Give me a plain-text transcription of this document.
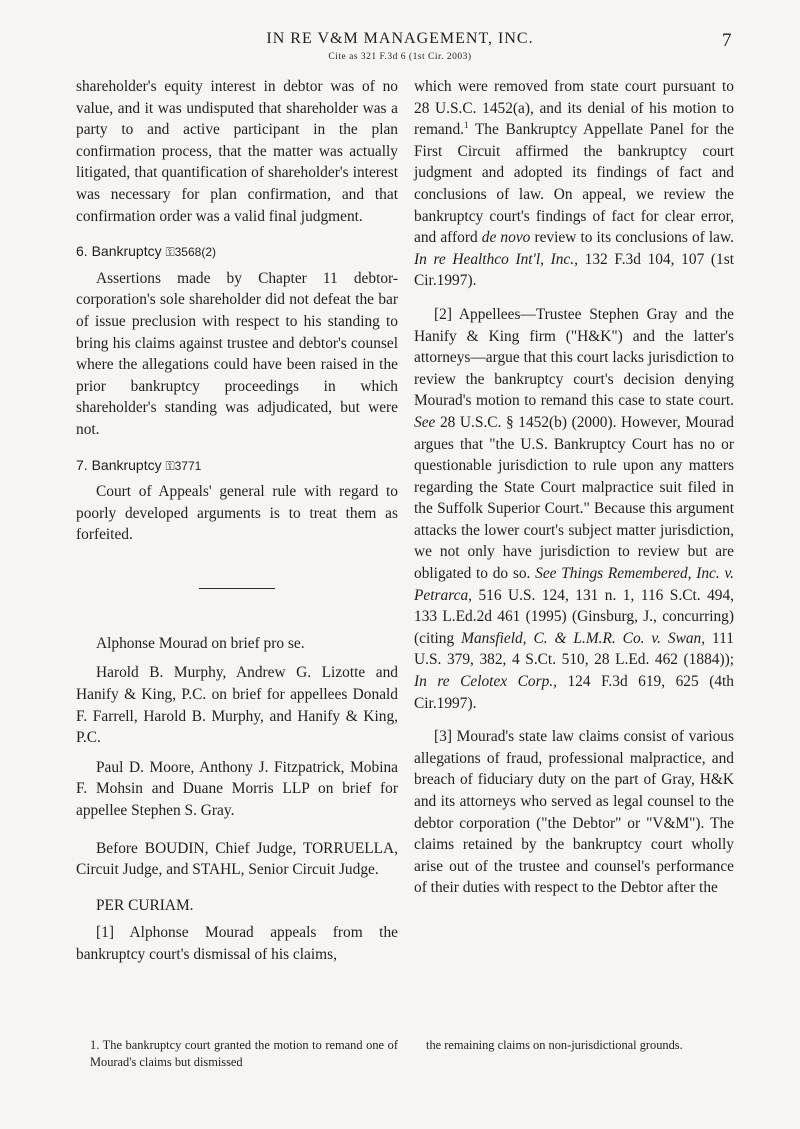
IN RE V&M MANAGEMENT, INC.
Cite as 321 F.3d 6 (1st Cir. 2003)
7

shareholder's equity interest in debtor was of no value, and it was undisputed that shareholder was a party to and active participant in the plan confirmation process, that the matter was actually litigated, that quantification of shareholder's interest was necessary for plan confirmation, and that confirmation order was a valid final judgment.

6. Bankruptcy ⚿3568(2)

Assertions made by Chapter 11 debtor-corporation's sole shareholder did not defeat the bar of issue preclusion with respect to his standing to bring his claims against trustee and debtor's counsel where the allegations could have been raised in the prior bankruptcy proceedings in which shareholder's standing was adjudicated, but were not.

7. Bankruptcy ⚿3771

Court of Appeals' general rule with regard to poorly developed arguments is to treat them as forfeited.

Alphonse Mourad on brief pro se.

Harold B. Murphy, Andrew G. Lizotte and Hanify & King, P.C. on brief for appellees Donald F. Farrell, Harold B. Murphy, and Hanify & King, P.C.

Paul D. Moore, Anthony J. Fitzpatrick, Mobina F. Mohsin and Duane Morris LLP on brief for appellee Stephen S. Gray.

Before BOUDIN, Chief Judge, TORRUELLA, Circuit Judge, and STAHL, Senior Circuit Judge.

PER CURIAM.

[1] Alphonse Mourad appeals from the bankruptcy court's dismissal of his claims,

which were removed from state court pursuant to 28 U.S.C. 1452(a), and its denial of his motion to remand.$^1$ The Bankruptcy Appellate Panel for the First Circuit affirmed the bankruptcy court judgment and adopted its findings of fact and conclusions of law. On appeal, we review the bankruptcy court's findings of fact for clear error, and afford de novo review to its conclusions of law. In re Healthco Int'l, Inc., 132 F.3d 104, 107 (1st Cir.1997).

[2] Appellees—Trustee Stephen Gray and the Hanify & King firm ("H&K") and the latter's attorneys—argue that this court lacks jurisdiction to review the bankruptcy court's decision denying Mourad's motion to remand this case to state court. See 28 U.S.C. § 1452(b) (2000). However, Mourad argues that "the U.S. Bankruptcy Court has no or questionable jurisdiction to rule upon any matters regarding the State Court malpractice suit filed in the Suffolk Superior Court." Because this argument attacks the lower court's subject matter jurisdiction, we not only have jurisdiction to review but are obligated to do so. See Things Remembered, Inc. v. Petrarca, 516 U.S. 124, 131 n. 1, 116 S.Ct. 494, 133 L.Ed.2d 461 (1995) (Ginsburg, J., concurring)(citing Mansfield, C. & L.M.R. Co. v. Swan, 111 U.S. 379, 382, 4 S.Ct. 510, 28 L.Ed. 462 (1884)); In re Celotex Corp., 124 F.3d 619, 625 (4th Cir.1997).

[3] Mourad's state law claims consist of various allegations of fraud, professional malpractice, and breach of fiduciary duty on the part of Gray, H&K and its attorneys who served as legal counsel to the debtor corporation ("the Debtor" or "V&M"). The claims retained by the bankruptcy court wholly arise out of the trustee and counsel's performance of their duties with respect to the Debtor after the

1. The bankruptcy court granted the motion to remand one of Mourad's claims but dismissed

the remaining claims on non-jurisdictional grounds.
